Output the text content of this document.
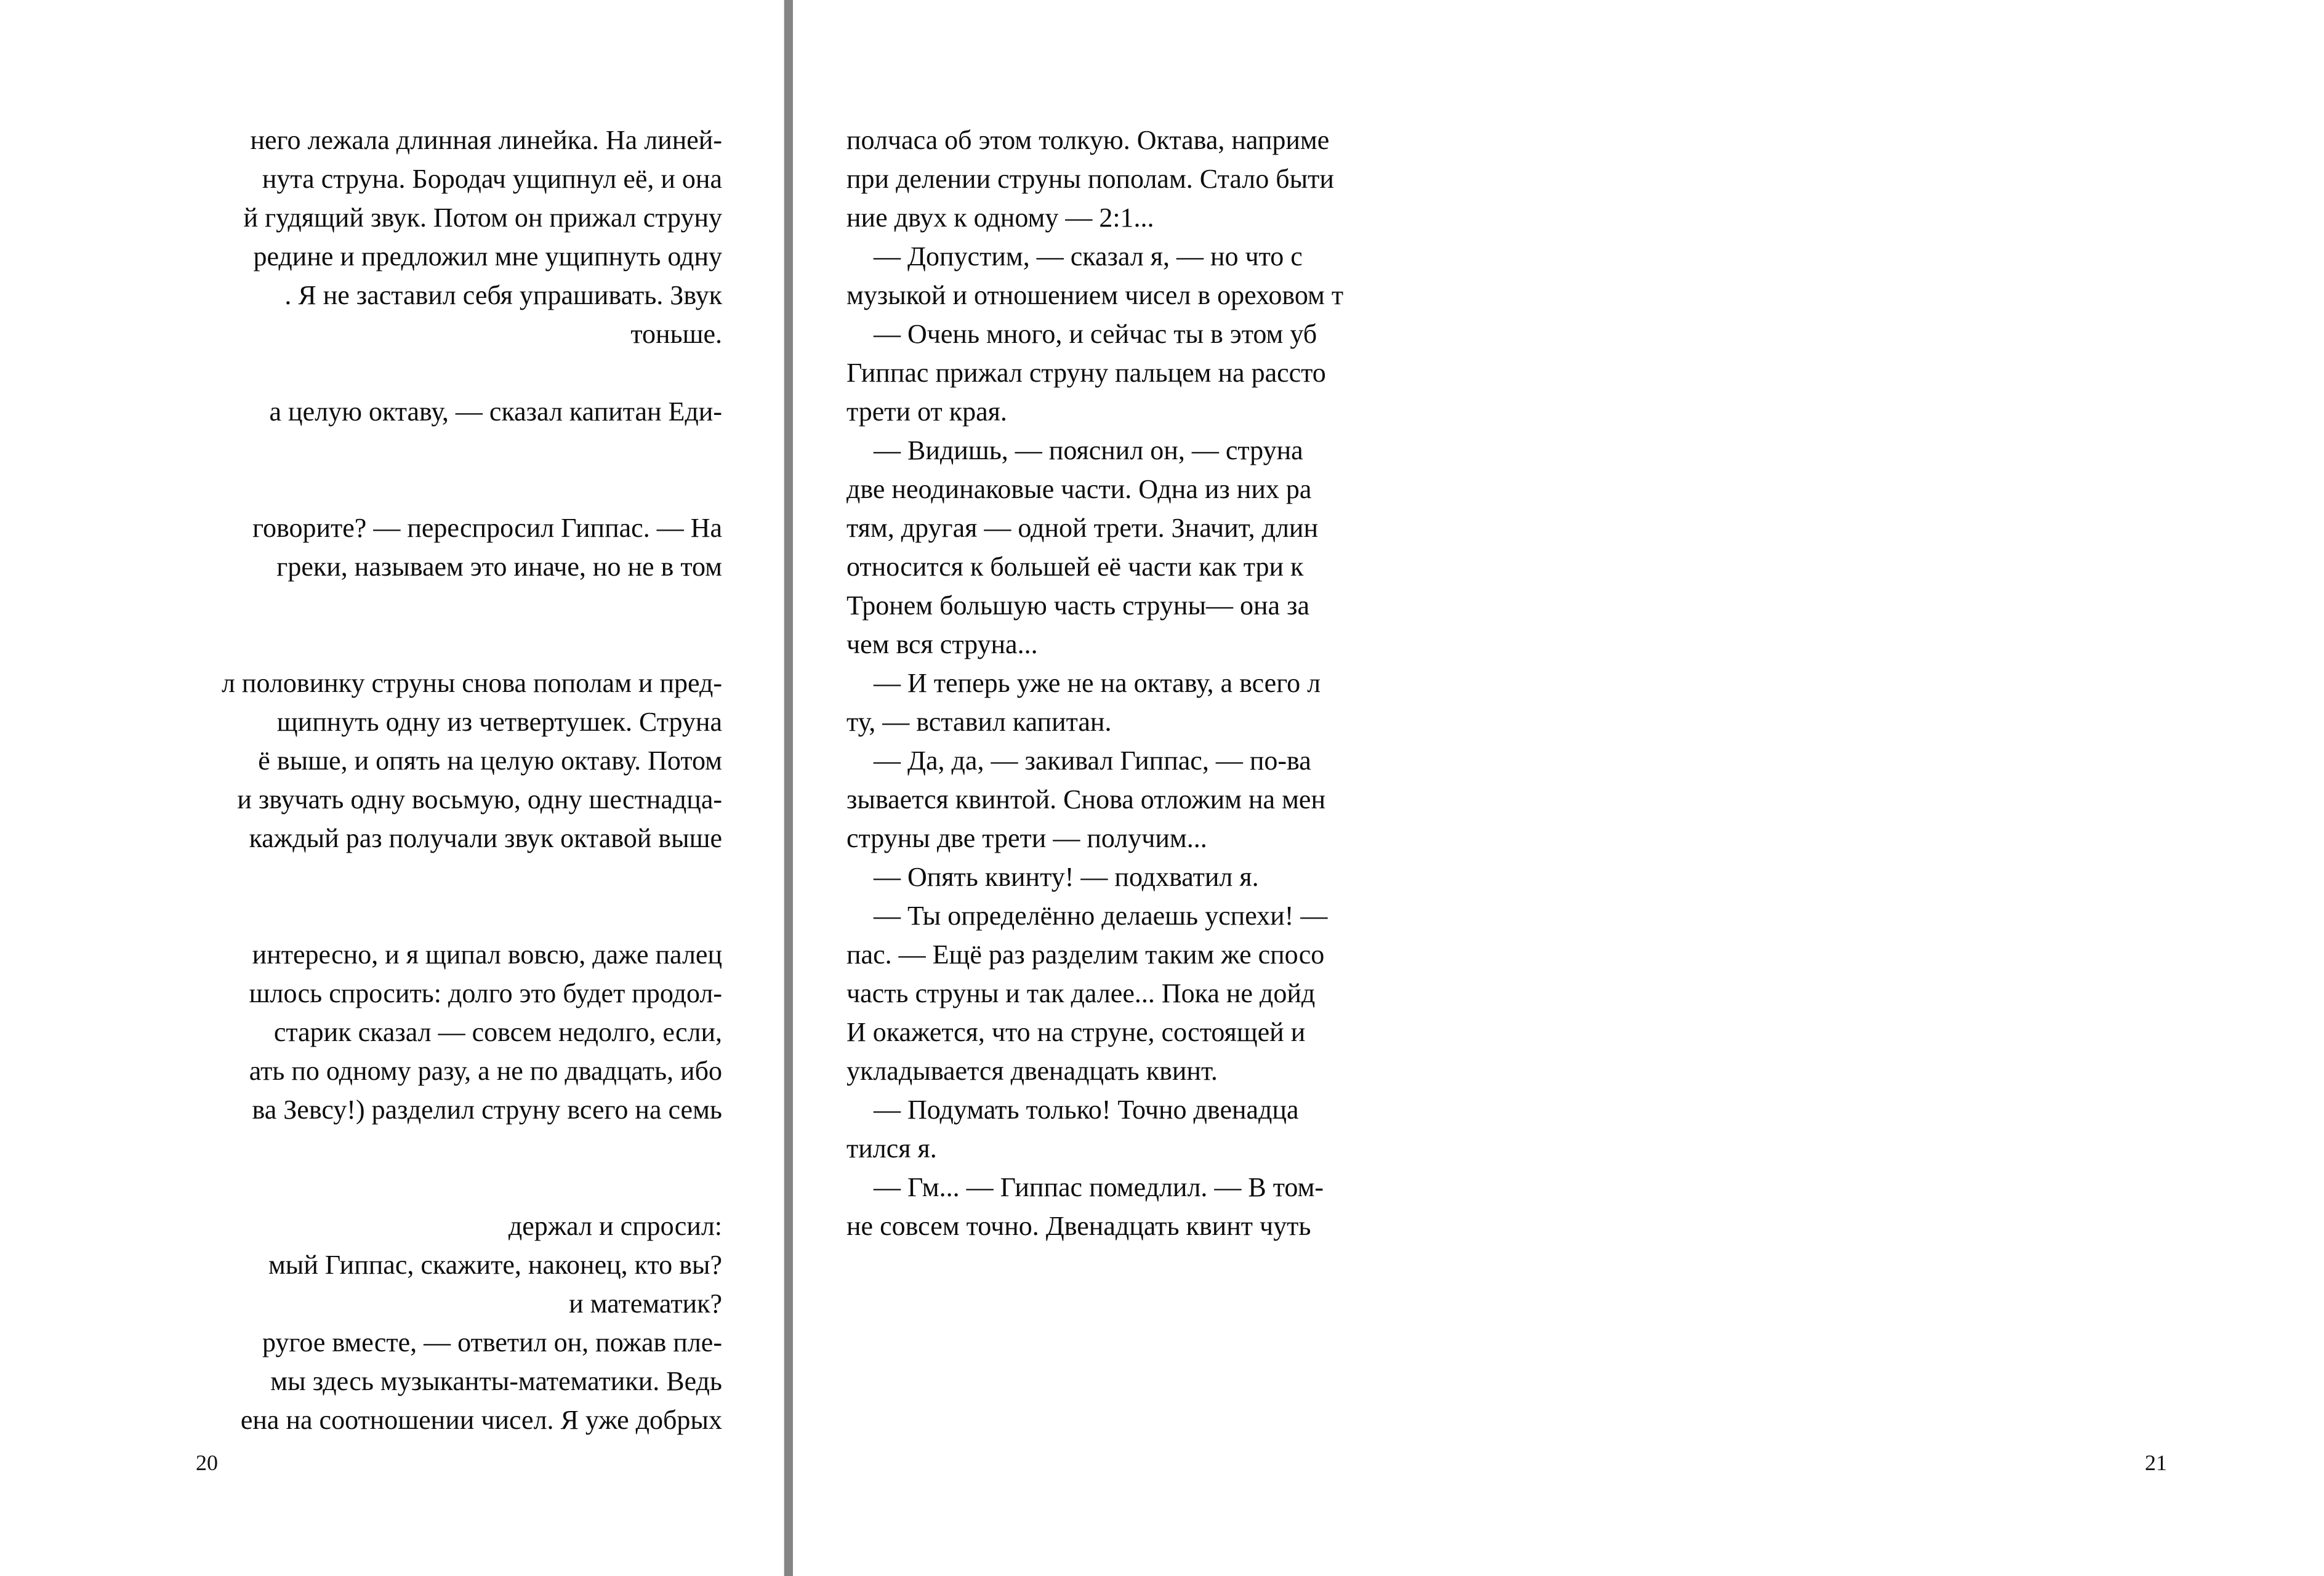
него лежала длинная линейка. На линей-
нута струна. Бородач ущипнул её, и она
й гудящий звук. Потом он прижал струну
редине и предложил мне ущипнуть одну
. Я не заставил себя упрашивать. Звук
тоньше.

а целую октаву, — сказал капитан Еди-

говорите? — переспросил Гиппас. — На
греки, называем это иначе, но не в том

л половинку струны снова пополам и пред-
щипнуть одну из четвертушек. Струна
ё выше, и опять на целую октаву. Потом
и звучать одну восьмую, одну шестнадца-
каждый раз получали звук октавой выше

интересно, и я щипал вовсю, даже палец
шлось спросить: долго это будет продол-
старик сказал — совсем недолго, если,
ать по одному разу, а не по двадцать, ибо
ва Зевсу!) разделил струну всего на семь

держал и спросил:
мый Гиппас, скажите, наконец, кто вы?
и математик?
ругое вместе, — ответил он, пожав пле-
мы здесь музыканты-математики. Ведь
ена на соотношении чисел. Я уже добрых
20
полчаса об этом толкую. Октава, наприме
при делении струны пополам. Стало быти
ние двух к одному — 2:1...
— Допустим, — сказал я, — но что с
музыкой и отношением чисел в ореховом т
— Очень много, и сейчас ты в этом уб
Гиппас прижал струну пальцем на рассто
трети от края.
— Видишь, — пояснил он, — струна
две неодинаковые части. Одна из них ра
тям, другая — одной трети. Значит, длин
относится к большей её части как три к
Тронем большую часть струны— она за
чем вся струна...
— И теперь уже не на октаву, а всего л
ту, — вставил капитан.
— Да, да, — закивал Гиппас, — по-ва
зывается квинтой. Снова отложим на мен
струны две трети — получим...
— Опять квинту! — подхватил я.
— Ты определённо делаешь успехи! —
пас. — Ещё раз разделим таким же спосо
часть струны и так далее... Пока не дойд
И окажется, что на струне, состоящей и
укладывается двенадцать квинт.
— Подумать только! Точно двенадца
тился я.
— Гм... — Гиппас помедлил. — В том-
не совсем точно. Двенадцать квинт чуть
21
